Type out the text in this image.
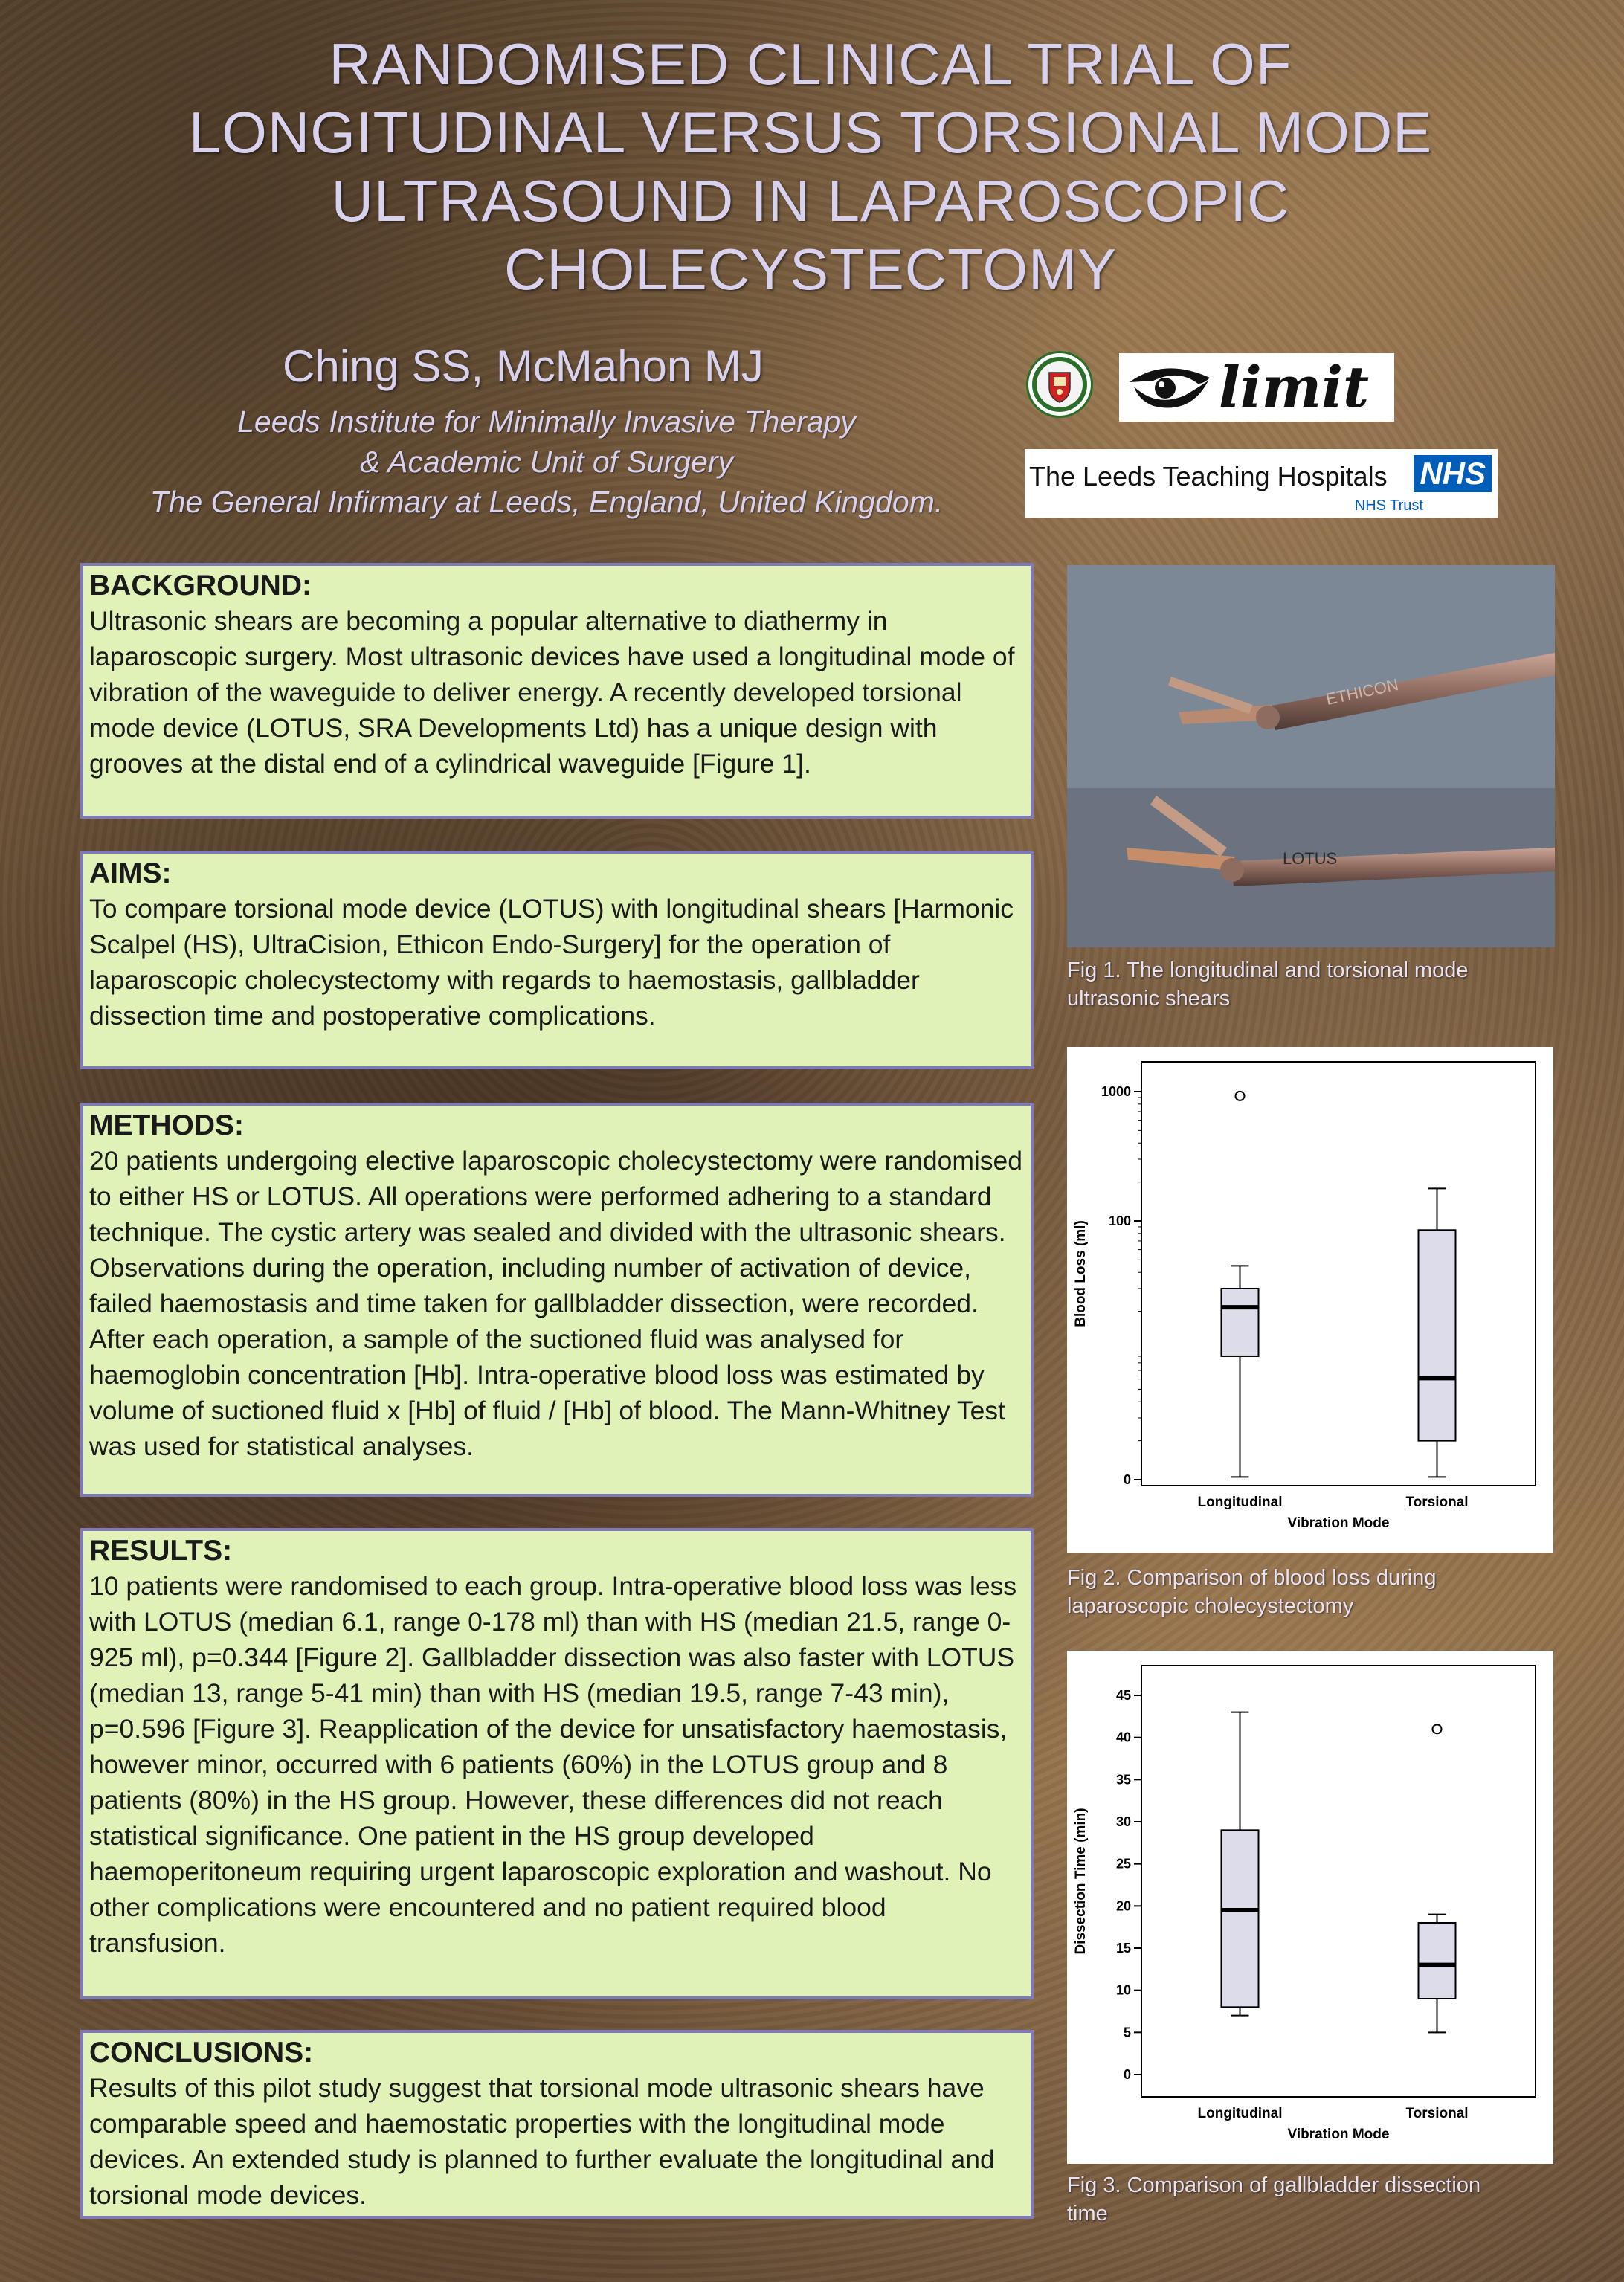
RANDOMISED CLINICAL TRIAL OF
LONGITUDINAL VERSUS TORSIONAL MODE
ULTRASOUND IN LAPAROSCOPIC
CHOLECYSTECTOMY
Ching SS, McMahon MJ
Leeds Institute for Minimally Invasive Therapy
& Academic Unit of Surgery
The General Infirmary at Leeds, England, United Kingdom.
limit
The Leeds Teaching Hospitals NHS
NHS Trust
BACKGROUND:
Ultrasonic shears are becoming a popular alternative to diathermy in laparoscopic surgery. Most ultrasonic devices have used a longitudinal mode of vibration of the waveguide to deliver energy. A recently developed torsional mode device (LOTUS, SRA Developments Ltd) has a unique design with grooves at the distal end of a cylindrical waveguide [Figure 1].
AIMS:
To compare torsional mode device (LOTUS) with longitudinal shears [Harmonic Scalpel (HS), UltraCision, Ethicon Endo-Surgery] for the operation of laparoscopic cholecystectomy with regards to haemostasis, gallbladder dissection time and postoperative complications.
METHODS:
20 patients undergoing elective laparoscopic cholecystectomy were randomised to either HS or LOTUS. All operations were performed adhering to a standard technique. The cystic artery was sealed and divided with the ultrasonic shears. Observations during the operation, including number of activation of device, failed haemostasis and time taken for gallbladder dissection, were recorded. After each operation, a sample of the suctioned fluid was analysed for haemoglobin concentration [Hb]. Intra-operative blood loss was estimated by volume of suctioned fluid x [Hb] of fluid / [Hb] of blood. The Mann-Whitney Test was used for statistical analyses.
RESULTS:
10 patients were randomised to each group. Intra-operative blood loss was less with LOTUS (median 6.1, range 0-178 ml) than with HS (median 21.5, range 0-925 ml), p=0.344 [Figure 2]. Gallbladder dissection was also faster with LOTUS (median 13, range 5-41 min) than with HS (median 19.5, range 7-43 min), p=0.596 [Figure 3]. Reapplication of the device for unsatisfactory haemostasis, however minor, occurred with 6 patients (60%) in the LOTUS group and 8 patients (80%) in the HS group. However, these differences did not reach statistical significance. One patient in the HS group developed haemoperitoneum requiring urgent laparoscopic exploration and washout. No other complications were encountered and no patient required blood transfusion.
CONCLUSIONS:
Results of this pilot study suggest that torsional mode ultrasonic shears have comparable speed and haemostatic properties with the longitudinal mode devices. An extended study is planned to further evaluate the longitudinal and torsional mode devices.
ETHICON
LOTUS
Fig 1. The longitudinal and torsional mode
ultrasonic shears
0
100
1000
Longitudinal	Torsional
Vibration Mode
Blood Loss (ml)
Fig 2. Comparison of blood loss during
laparoscopic cholecystectomy
0
5
10
15
20
25
30
35
40
45
Longitudinal	Torsional
Vibration Mode
Dissection Time (min)
Fig 3. Comparison of gallbladder dissection
time
